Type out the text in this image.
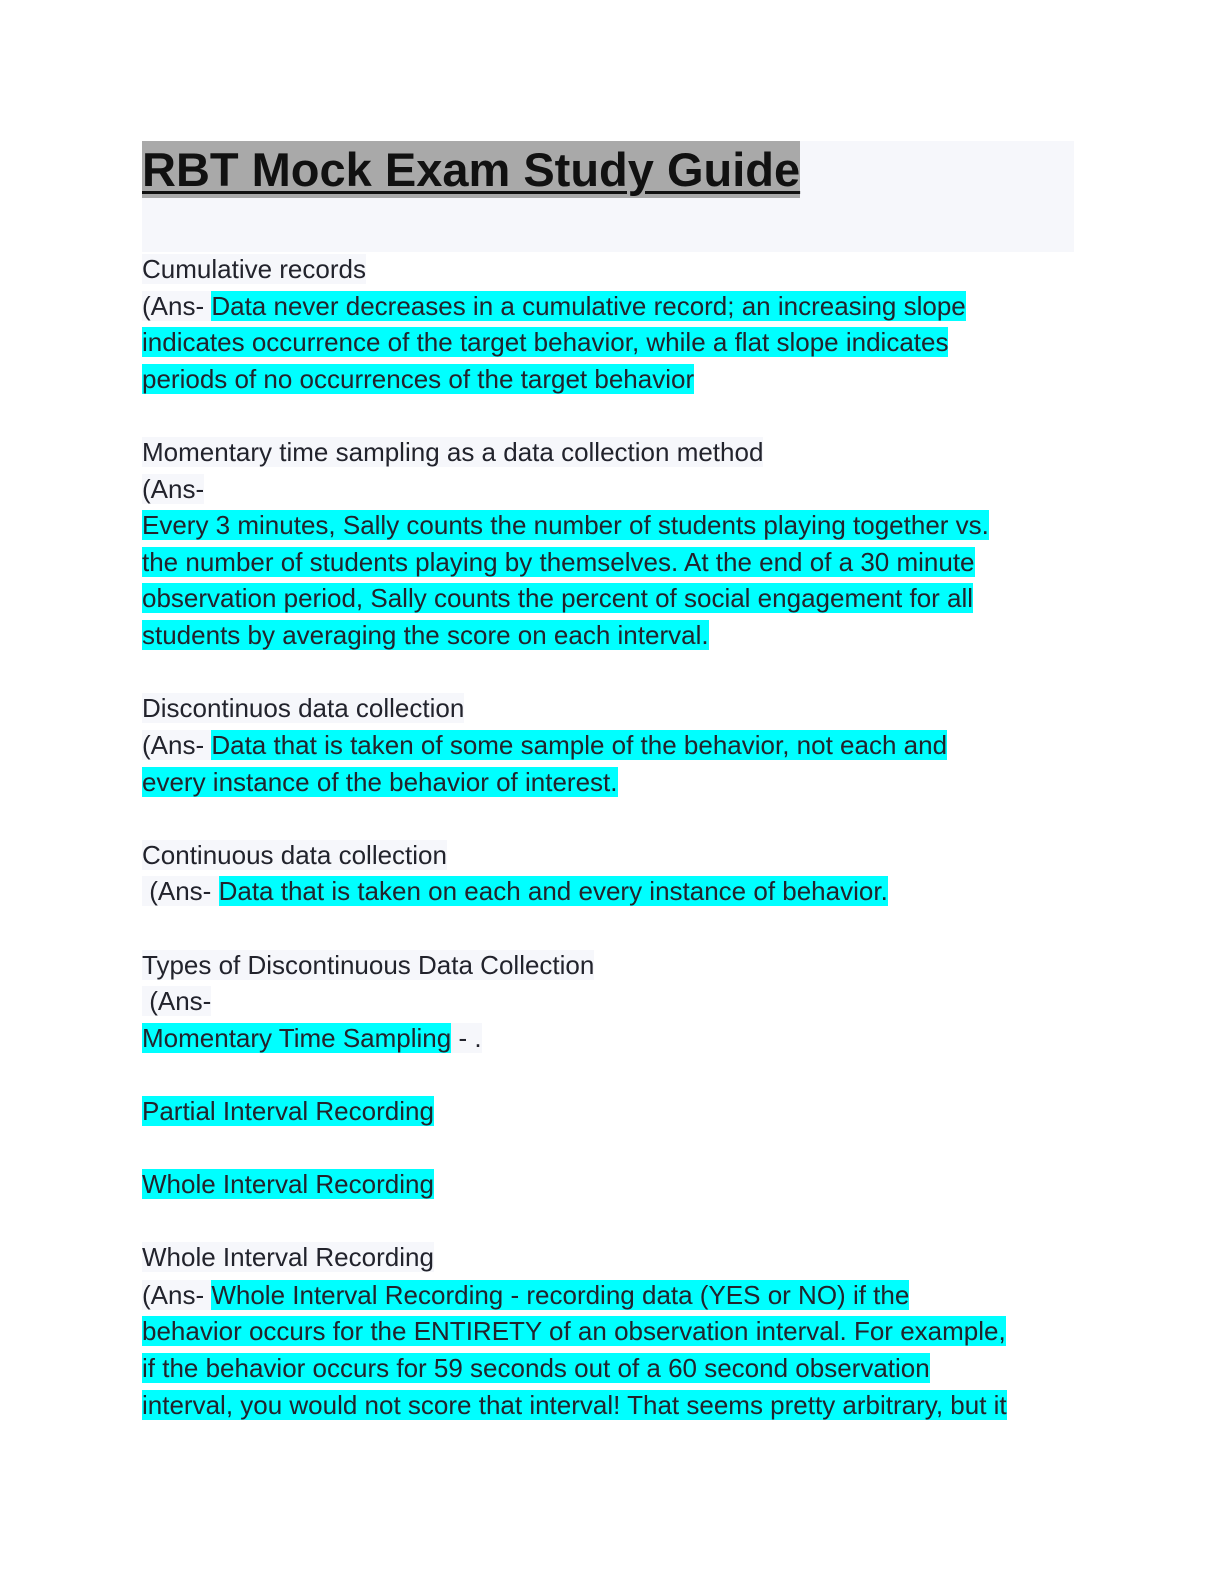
RBT Mock Exam Study Guide
Cumulative records
(Ans- Data never decreases in a cumulative record; an increasing slope
indicates occurrence of the target behavior, while a flat slope indicates
periods of no occurrences of the target behavior
Momentary time sampling as a data collection method
(Ans-
Every 3 minutes, Sally counts the number of students playing together vs.
the number of students playing by themselves. At the end of a 30 minute
observation period, Sally counts the percent of social engagement for all
students by averaging the score on each interval.
Discontinuos data collection
(Ans- Data that is taken of some sample of the behavior, not each and
every instance of the behavior of interest.
Continuous data collection
(Ans- Data that is taken on each and every instance of behavior.
Types of Discontinuous Data Collection
(Ans-
Momentary Time Sampling - .
Partial Interval Recording
Whole Interval Recording
Whole Interval Recording
(Ans- Whole Interval Recording - recording data (YES or NO) if the
behavior occurs for the ENTIRETY of an observation interval. For example,
if the behavior occurs for 59 seconds out of a 60 second observation
interval, you would not score that interval! That seems pretty arbitrary, but it
